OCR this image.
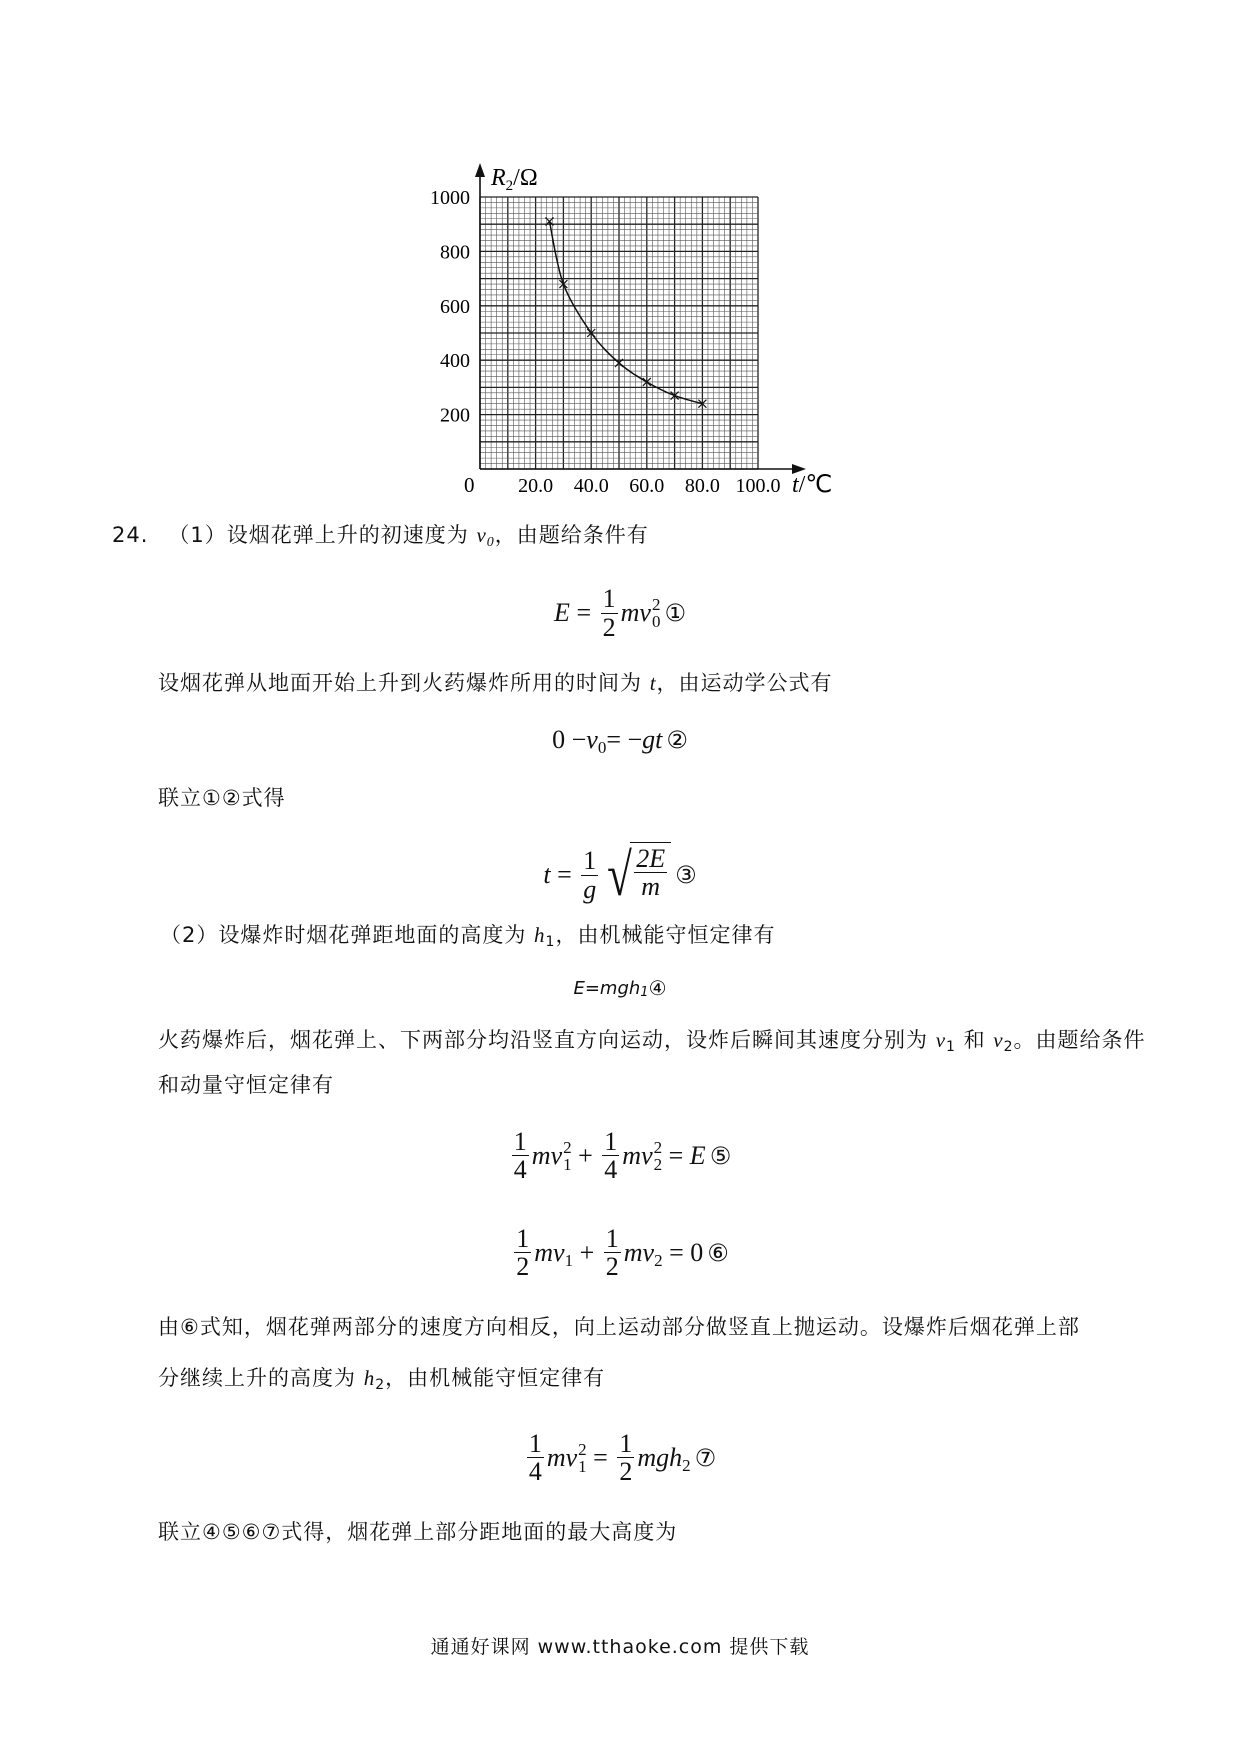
20.0 40.0 60.0 80.0 100.0
200
400
600
800
1000
$R_2/\Omega$
t/℃
0
24. （1）设烟花弹上升的初速度为 v0，由题给条件有
E
=
$\frac{1}{2}$ mv 2
0 ①
设烟花弹从地面开始上升到火药爆炸所用的时间为 t，由运动学公式有
0 − v 0 = − gt ②
联立①②式得
t
=
$\frac{1}{g}$ √ $\frac{2E}{m}$ ③
（2）设爆炸时烟花弹距地面的高度为 h1，由机械能守恒定律有
E=mgh 1 ④
火药爆炸后，烟花弹上、下两部分均沿竖直方向运动，设炸后瞬间其速度分别为 v1 和 v2。由题给条件
和动量守恒定律有
$\frac{1}{4}$ mv 2
1
+
$\frac{1}{4}$ mv 2
2
=
E ⑤
$\frac{1}{2}$ mv 1
+
$\frac{1}{2}$ mv 2
=
0 ⑥
由⑥式知，烟花弹两部分的速度方向相反，向上运动部分做竖直上抛运动。设爆炸后烟花弹上部
分继续上升的高度为 h2，由机械能守恒定律有
$\frac{1}{4}$ mv 2
1
=
$\frac{1}{2}$ mgh 2 ⑦
联立④⑤⑥⑦式得，烟花弹上部分距地面的最大高度为
通通好课网 www.tthaoke.com 提供下载
